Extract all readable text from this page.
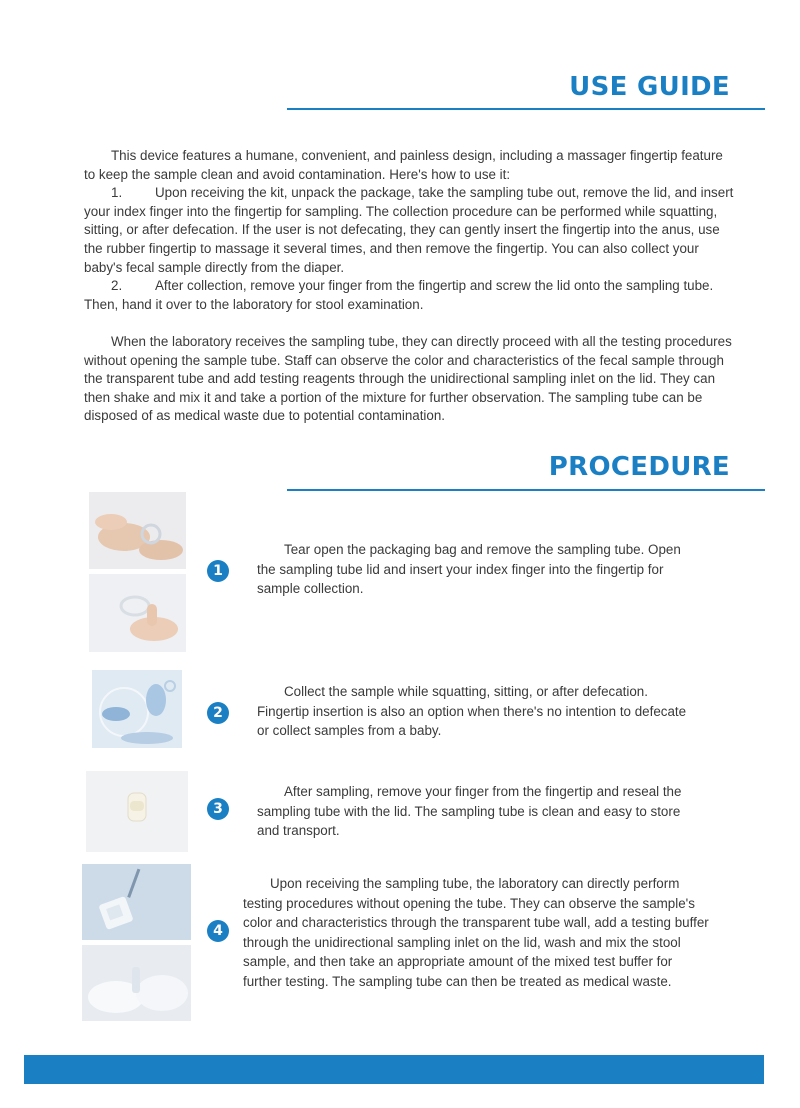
USE GUIDE

This device features a humane, convenient, and painless design, including a massager fingertip feature to keep the sample clean and avoid contamination. Here's how to use it:

1. Upon receiving the kit, unpack the package, take the sampling tube out, remove the lid, and insert your index finger into the fingertip for sampling. The collection procedure can be performed while squatting, sitting, or after defecation. If the user is not defecating, they can gently insert the fingertip into the anus, use the rubber fingertip to massage it several times, and then remove the fingertip. You can also collect your baby's fecal sample directly from the diaper.

2. After collection, remove your finger from the fingertip and screw the lid onto the sampling tube. Then, hand it over to the laboratory for stool examination.

When the laboratory receives the sampling tube, they can directly proceed with all the testing procedures without opening the sample tube. Staff can observe the color and characteristics of the fecal sample through the transparent tube and add testing reagents through the unidirectional sampling inlet on the lid. They can then shake and mix it and take a portion of the mixture for further observation. The sampling tube can be disposed of as medical waste due to potential contamination.

PROCEDURE
1

Tear open the packaging bag and remove the sampling tube. Open the sampling tube lid and insert your index finger into the fingertip for sample collection.

2

Collect the sample while squatting, sitting, or after defecation. Fingertip insertion is also an option when there's no intention to defecate or collect samples from a baby.

3

After sampling, remove your finger from the fingertip and reseal the sampling tube with the lid. The sampling tube is clean and easy to store and transport.

4

Upon receiving the sampling tube, the laboratory can directly perform testing procedures without opening the tube. They can observe the sample's color and characteristics through the transparent tube wall, add a testing buffer through the unidirectional sampling inlet on the lid, wash and mix the stool sample, and then take an appropriate amount of the mixed test buffer for further testing. The sampling tube can then be treated as medical waste.
